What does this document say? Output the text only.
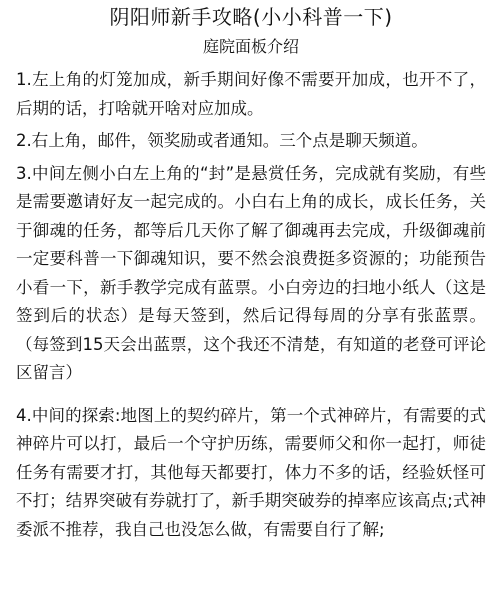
阴阳师新手攻略(小小科普一下)
庭院面板介绍

1.左上角的灯笼加成，新手期间好像不需要开加成，也开不了，后期的话，打啥就开啥对应加成。

2.右上角，邮件，领奖励或者通知。三个点是聊天频道。

3.中间左侧小白左上角的“封”是悬赏任务，完成就有奖励，有些是需要邀请好友一起完成的。小白右上角的成长，成长任务，关于御魂的任务，都等后几天你了解了御魂再去完成，升级御魂前一定要科普一下御魂知识，要不然会浪费挺多资源的；功能预告小看一下，新手教学完成有蓝票。小白旁边的扫地小纸人（这是签到后的状态）是每天签到，然后记得每周的分享有张蓝票。（每签到15天会出蓝票，这个我还不清楚，有知道的老登可评论区留言）

4.中间的探索:地图上的契约碎片，第一个式神碎片，有需要的式神碎片可以打，最后一个守护历练，需要师父和你一起打，师徒任务有需要才打，其他每天都要打，体力不多的话，经验妖怪可不打；结界突破有券就打了，新手期突破券的掉率应该高点;式神委派不推荐，我自己也没怎么做，有需要自行了解;
